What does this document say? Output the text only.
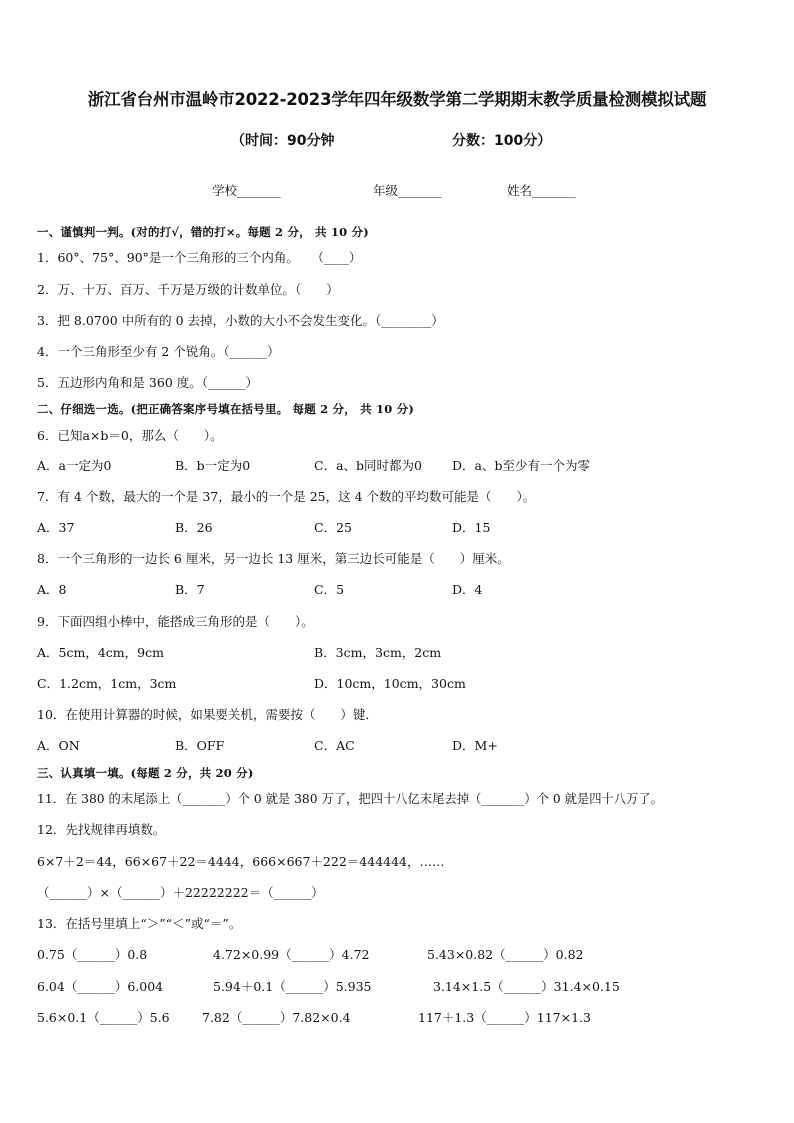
浙江省台州市温岭市2022-2023学年四年级数学第二学期期末教学质量检测模拟试题
（时间：90分钟	分数：100分）
学校_______	年级_______	姓名_______
一、谨慎判一判。(对的打√，错的打×。每题 2 分， 共 10 分)
1．60°、75°、90°是一个三角形的三个内角。　　（____）
2．万、十万、百万、千万是万级的计数单位。（　　）
3．把 8.0700 中所有的 0 去掉，小数的大小不会发生变化。（________）
4．一个三角形至少有 2 个锐角。（______）
5．五边形内角和是 360 度。（______）
二、仔细选一选。(把正确答案序号填在括号里。 每题 2 分， 共 10 分)
6．已知a×b＝0，那么（　　）。
A．a一定为0	B．b一定为0	C．a、b同时都为0 D．a、b至少有一个为零
7．有 4 个数，最大的一个是 37，最小的一个是 25，这 4 个数的平均数可能是（　　）。
A．37	B．26	C．25	D．15
8．一个三角形的一边长 6 厘米，另一边长 13 厘米，第三边长可能是（　　）厘米。
A．8	B．7	C．5	D．4
9．下面四组小棒中，能搭成三角形的是（　　）。
A．5cm，4cm，9cm	B．3cm，3cm，2cm
C．1.2cm，1cm，3cm	D．10cm，10cm，30cm
10．在使用计算器的时候，如果要关机，需要按（　　）键．
A．ON	B．OFF	C．AC	D．M+
三、认真填一填。(每题 2 分，共 20 分)
11．在 380 的末尾添上（_______）个 0 就是 380 万了，把四十八亿末尾去掉（_______）个 0 就是四十八万了。
12．先找规律再填数。
6×7＋2＝44，66×67＋22＝4444，666×667＋222＝444444，……
（______）×（______）＋22222222＝（______）
13．在括号里填上“＞”“＜”或“＝”。
0.75（______）0.8	4.72×0.99（______）4.72	5.43×0.82（______）0.82
6.04（______）6.004	5.94＋0.1（______）5.935	3.14×1.5（______）31.4×0.15
5.6×0.1（______）5.6	7.82（______）7.82×0.4	117＋1.3（______）117×1.3
